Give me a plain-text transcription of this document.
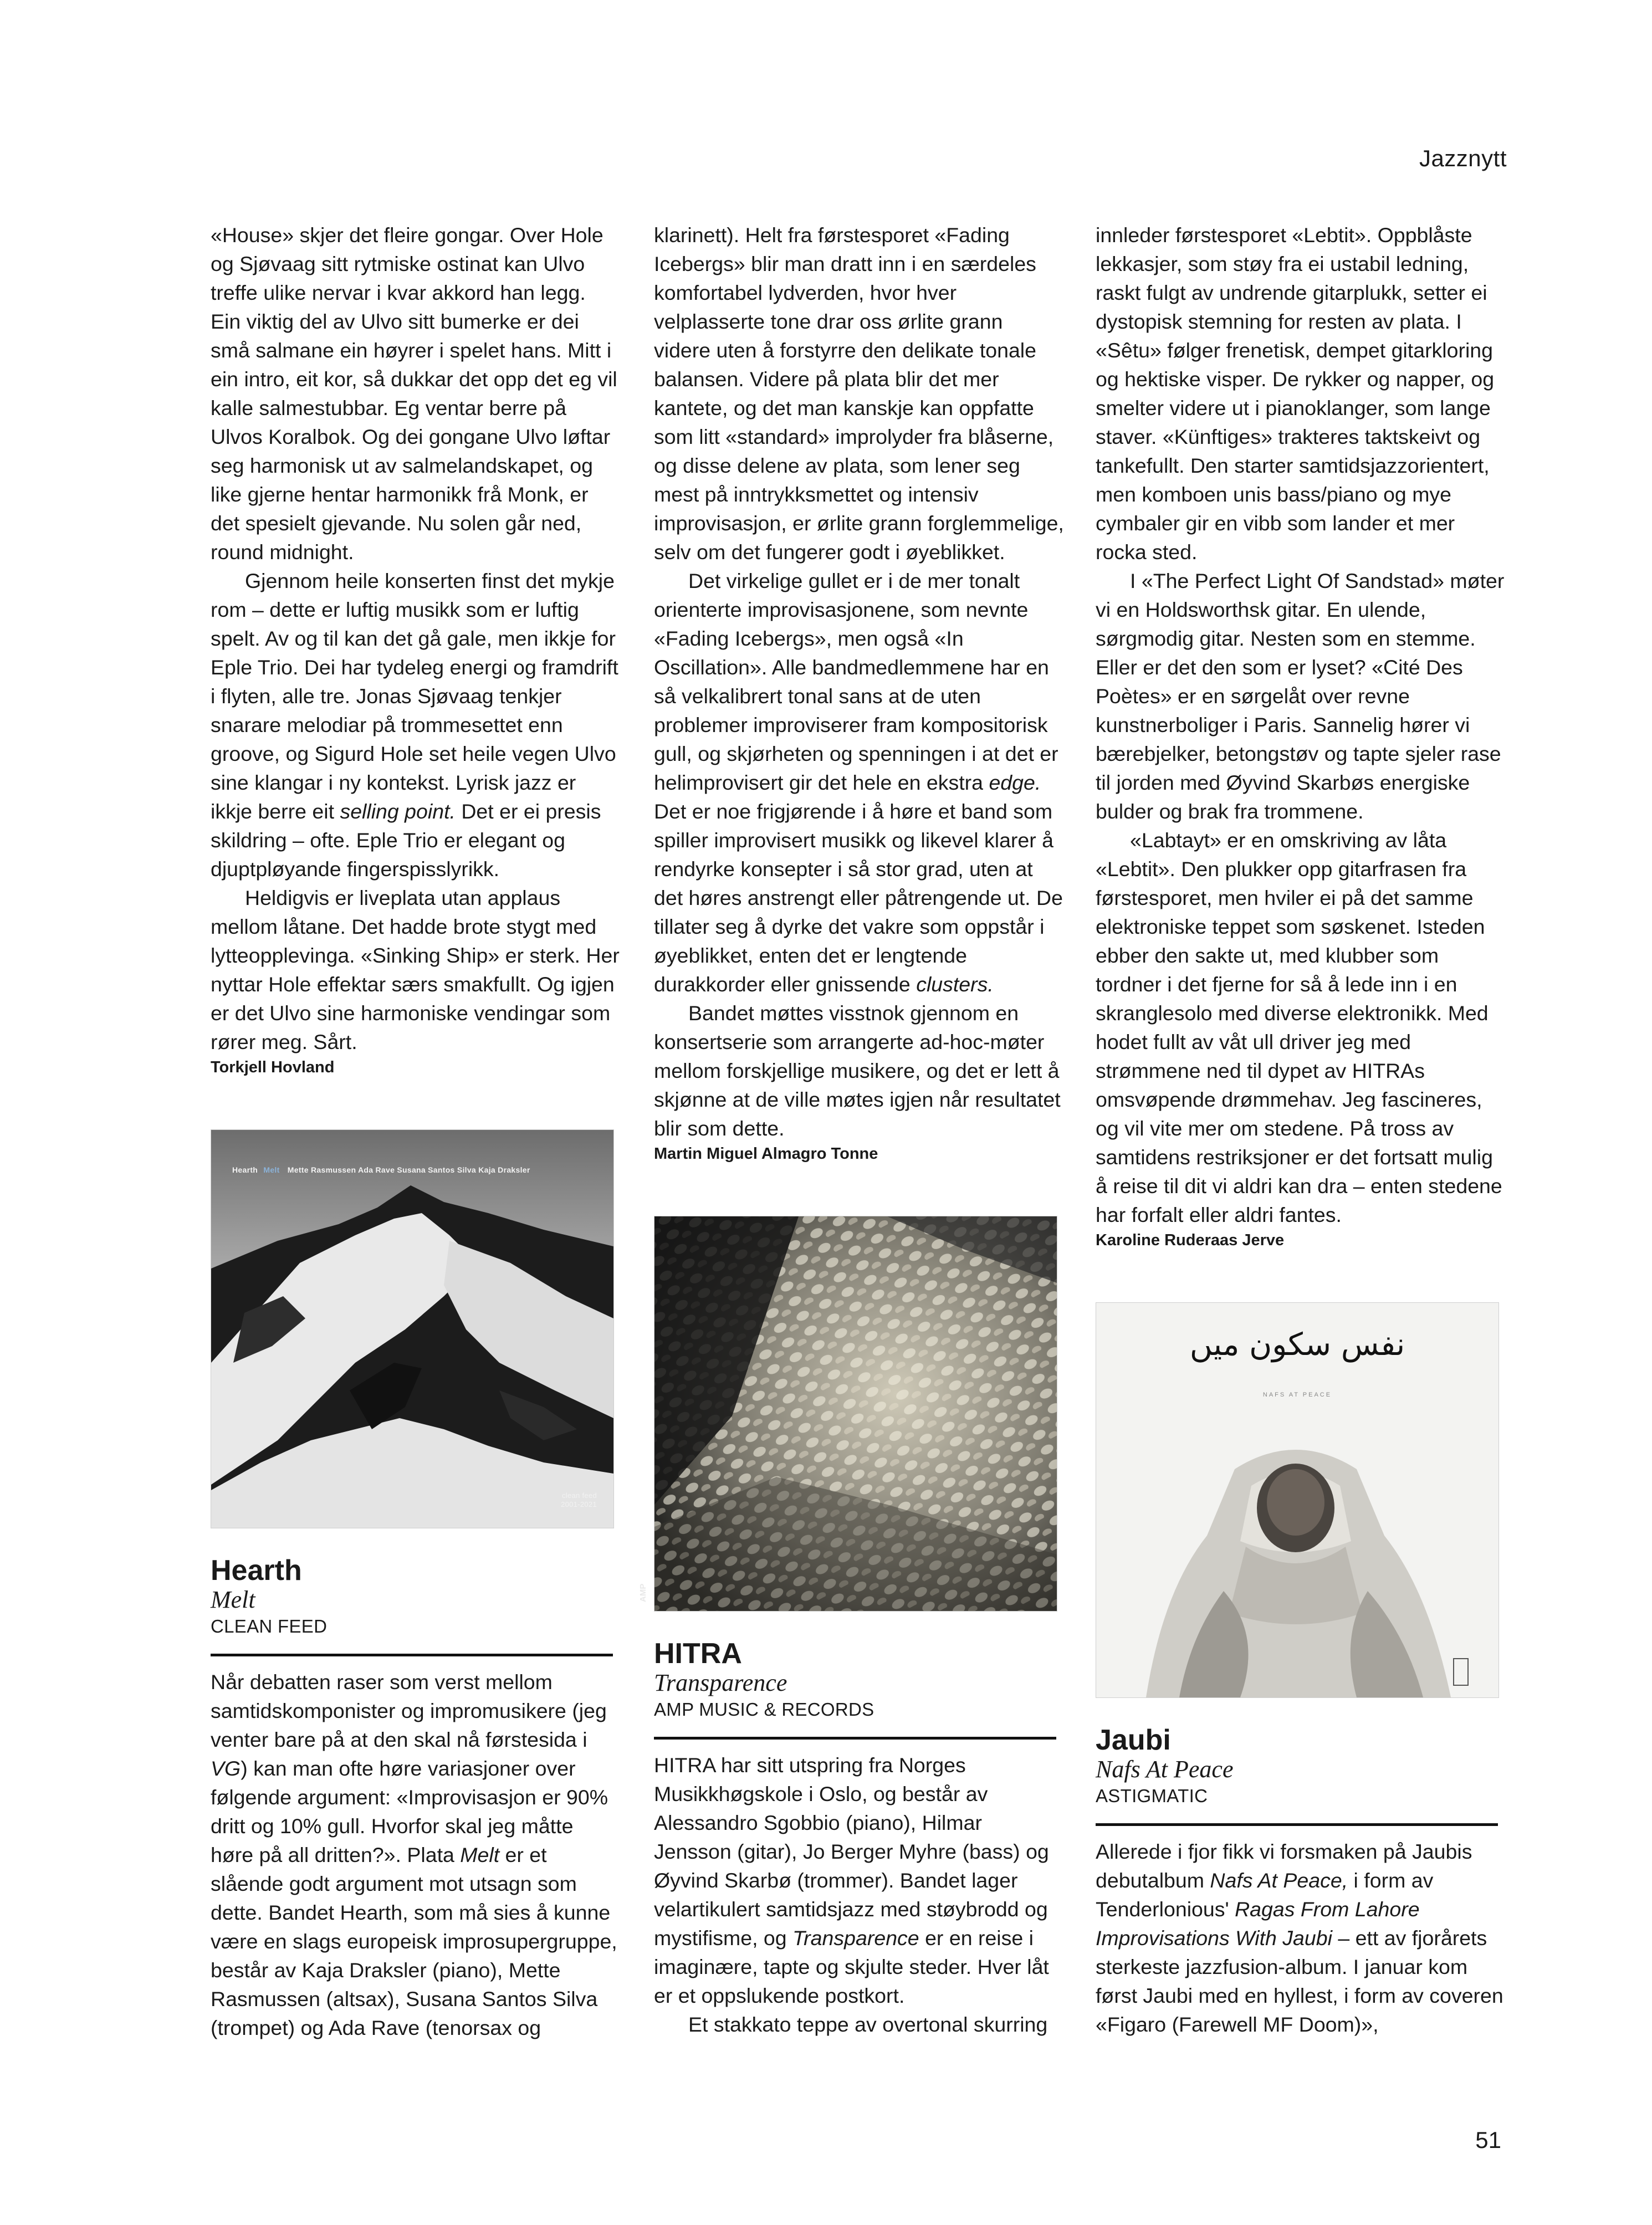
Jazznytt

«House» skjer det fleire gongar. Over Hole og Sjøvaag sitt rytmiske ostinat kan Ulvo treffe ulike nervar i kvar akkord han legg. Ein viktig del av Ulvo sitt bumerke er dei små salmane ein høyrer i spelet hans. Mitt i ein intro, eit kor, så dukkar det opp det eg vil kalle salmestubbar. Eg ventar berre på Ulvos Koralbok. Og dei gongane Ulvo løftar seg harmonisk ut av salmelandskapet, og like gjerne hentar harmonikk frå Monk, er det spesielt gjevande. Nu solen går ned, round midnight.

Gjennom heile konserten finst det mykje rom – dette er luftig musikk som er luftig spelt. Av og til kan det gå gale, men ikkje for Eple Trio. Dei har tydeleg energi og framdrift i flyten, alle tre. Jonas Sjøvaag tenkjer snarare melodiar på trommesettet enn groove, og Sigurd Hole set heile vegen Ulvo sine klangar i ny kontekst. Lyrisk jazz er ikkje berre eit selling point. Det er ei presis skildring – ofte. Eple Trio er elegant og djuptpløyande fingerspisslyrikk.

Heldigvis er liveplata utan applaus mellom låtane. Det hadde brote stygt med lytteopplevinga. «Sinking Ship» er sterk. Her nyttar Hole effektar særs smakfullt. Og igjen er det Ulvo sine harmoniske vendingar som rører meg. Sårt.

Torkjell Hovland

Hearth Melt Mette Rasmussen Ada Rave Susana Santos Silva Kaja Draksler
clean feed
2001-2021

Hearth

Melt

CLEAN FEED

Når debatten raser som verst mellom samtidskomponister og impromusikere (jeg venter bare på at den skal nå førstesida i VG) kan man ofte høre variasjoner over følgende argument: «Improvisasjon er 90% dritt og 10% gull. Hvorfor skal jeg måtte høre på all dritten?». Plata Melt er et slående godt argument mot utsagn som dette. Bandet Hearth, som må sies å kunne være en slags europeisk improsupergruppe, består av Kaja Draksler (piano), Mette Rasmussen (altsax), Susana Santos Silva (trompet) og Ada Rave (tenorsax og

klarinett). Helt fra førstesporet «Fading Icebergs» blir man dratt inn i en særdeles komfortabel lydverden, hvor hver velplasserte tone drar oss ørlite grann videre uten å forstyrre den delikate tonale balansen. Videre på plata blir det mer kantete, og det man kanskje kan oppfatte som litt «standard» improlyder fra blåserne, og disse delene av plata, som lener seg mest på inntrykksmettet og intensiv improvisasjon, er ørlite grann forglemmelige, selv om det fungerer godt i øyeblikket.

Det virkelige gullet er i de mer tonalt orienterte improvisasjonene, som nevnte «Fading Icebergs», men også «In Oscillation». Alle bandmedlemmene har en så velkalibrert tonal sans at de uten problemer improviserer fram kompositorisk gull, og skjørheten og spenningen i at det er helimprovisert gir det hele en ekstra edge. Det er noe frigjørende i å høre et band som spiller improvisert musikk og likevel klarer å rendyrke konsepter i så stor grad, uten at det høres anstrengt eller påtrengende ut. De tillater seg å dyrke det vakre som oppstår i øyeblikket, enten det er lengtende durakkorder eller gnissende clusters.

Bandet møttes visstnok gjennom en konsertserie som arrangerte ad-hoc-møter mellom forskjellige musikere, og det er lett å skjønne at de ville møtes igjen når resultatet blir som dette.

Martin Miguel Almagro Tonne

AMP

HITRA

Transparence

AMP MUSIC & RECORDS

HITRA har sitt utspring fra Norges Musikkhøgskole i Oslo, og består av Alessandro Sgobbio (piano), Hilmar Jensson (gitar), Jo Berger Myhre (bass) og Øyvind Skarbø (trommer). Bandet lager velartikulert samtidsjazz med støybrodd og mystifisme, og Transparence er en reise i imaginære, tapte og skjulte steder. Hver låt er et oppslukende postkort.

Et stakkato teppe av overtonal skurring

innleder førstesporet «Lebtit». Oppblåste lekkasjer, som støy fra ei ustabil ledning, raskt fulgt av undrende gitarplukk, setter ei dystopisk stemning for resten av plata. I «Sêtu» følger frenetisk, dempet gitarkloring og hektiske visper. De rykker og napper, og smelter videre ut i pianoklanger, som lange staver. «Künftiges» trakteres taktskeivt og tankefullt. Den starter samtidsjazzorientert, men komboen unis bass/piano og mye cymbaler gir en vibb som lander et mer rocka sted.

I «The Perfect Light Of Sandstad» møter vi en Holdsworthsk gitar. En ulende, sørgmodig gitar. Nesten som en stemme. Eller er det den som er lyset? «Cité Des Poètes» er en sørgelåt over revne kunstnerboliger i Paris. Sannelig hører vi bærebjelker, betongstøv og tapte sjeler rase til jorden med Øyvind Skarbøs energiske bulder og brak fra trommene.

«Labtayt» er en omskriving av låta «Lebtit». Den plukker opp gitarfrasen fra førstesporet, men hviler ei på det samme elektroniske teppet som søskenet. Isteden ebber den sakte ut, med klubber som tordner i det fjerne for så å lede inn i en skranglesolo med diverse elektronikk. Med hodet fullt av våt ull driver jeg med strømmene ned til dypet av HITRAs omsvøpende drømmehav. Jeg fascineres, og vil vite mer om stedene. På tross av samtidens restriksjoner er det fortsatt mulig å reise til dit vi aldri kan dra – enten stedene har forfalt eller aldri fantes.

Karoline Ruderaas Jerve

نفس سکون میں
NAFS AT PEACE

Jaubi

Nafs At Peace

ASTIGMATIC

Allerede i fjor fikk vi forsmaken på Jaubis debutalbum Nafs At Peace, i form av Tenderlonious' Ragas From Lahore Improvisations With Jaubi – ett av fjorårets sterkeste jazzfusion-album. I januar kom først Jaubi med en hyllest, i form av coveren «Figaro (Farewell MF Doom)»,

51
